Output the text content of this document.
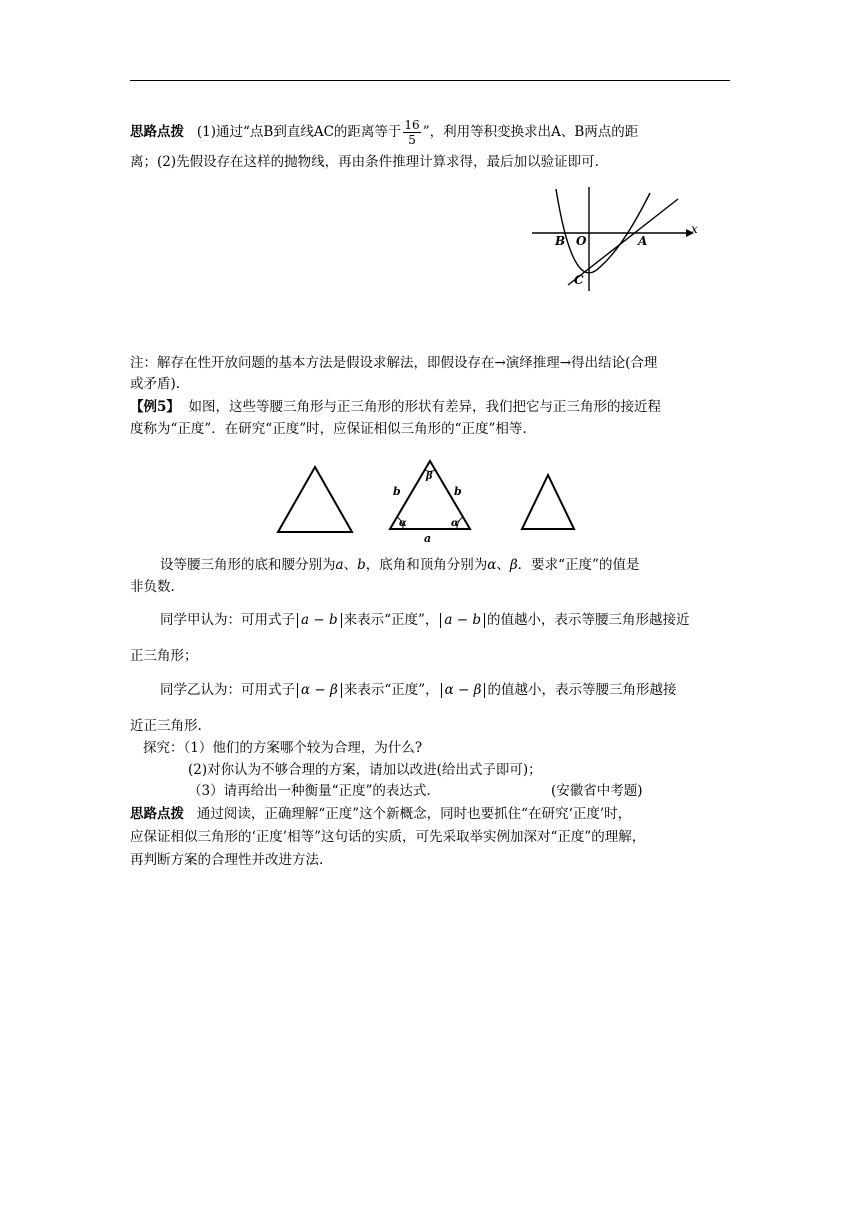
思路点拨 (1)通过“点B到直线AC的距离等于 $\frac{16}{5}$ ”，利用等积变换求出A、B两点的距
离；(2)先假设存在这样的抛物线，再由条件推理计算求得，最后加以验证即可.
x
B O	A
C
注：解存在性开放问题的基本方法是假设求解法，即假设存在→演绎推理→得出结论(合理
或矛盾).
【例5】 如图，这些等腰三角形与正三角形的形状有差异，我们把它与正三角形的接近程
度称为“正度”．在研究“正度”时，应保证相似三角形的“正度”相等.
b	b
a
α	α
β
设等腰三角形的底和腰分别为a、b，底角和顶角分别为α、β．要求“正度”的值是
非负数.
同学甲认为：可用式子 a − b 来表示“正度”， a − b 的值越小，表示等腰三角形越接近
正三角形；
同学乙认为：可用式子 α − β 来表示“正度”， α − β 的值越小，表示等腰三角形越接
近正三角形.
探究：（1）他们的方案哪个较为合理，为什么?
(2)对你认为不够合理的方案，请加以改进(给出式子即可)；
（3）请再给出一种衡量“正度”的表达式.	(安徽省中考题)
思路点拨 通过阅读，正确理解“正度”这个新概念，同时也要抓住“在研究‘正度’时，
应保证相似三角形的‘正度’相等”这句话的实质，可先采取举实例加深对“正度”的理解，
再判断方案的合理性并改进方法.
